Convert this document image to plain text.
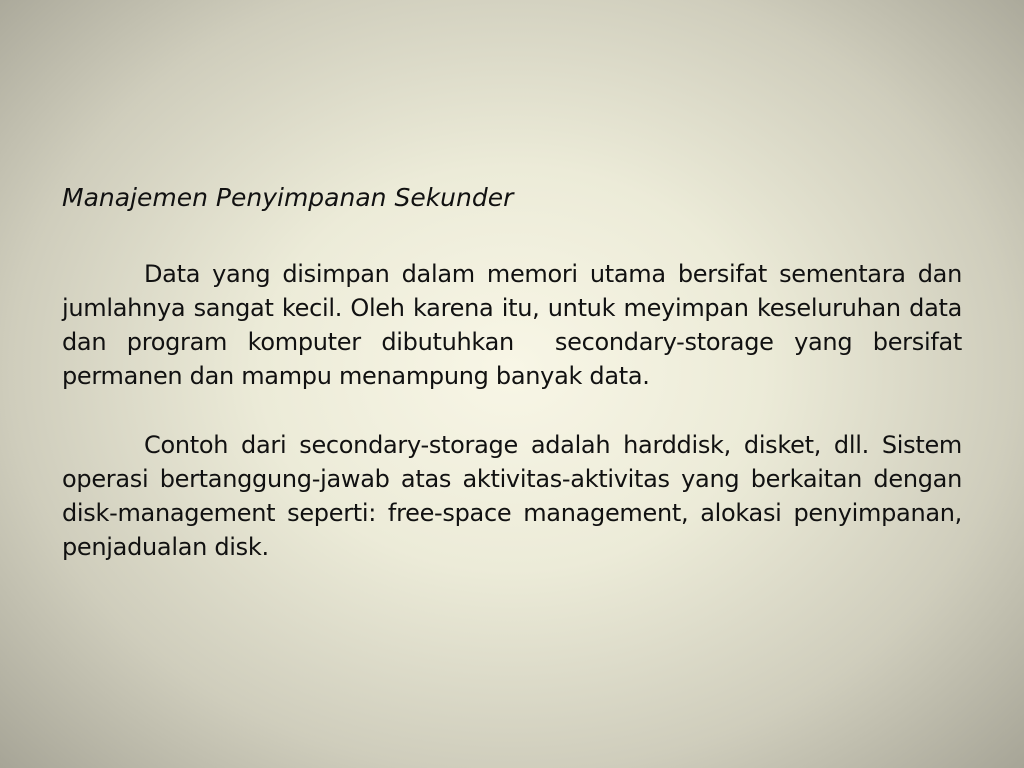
Manajemen Penyimpanan Sekunder

Data yang disimpan dalam memori utama bersifat sementara dan jumlahnya sangat kecil. Oleh karena itu, untuk meyimpan keseluruhan data dan program komputer dibutuhkan  secondary-storage yang bersifat permanen dan mampu menampung banyak data.

Contoh dari secondary-storage adalah harddisk, disket, dll. Sistem operasi bertanggung-jawab atas aktivitas-aktivitas yang berkaitan dengan  disk-management seperti: free-space management, alokasi penyimpanan, penjadualan disk.
